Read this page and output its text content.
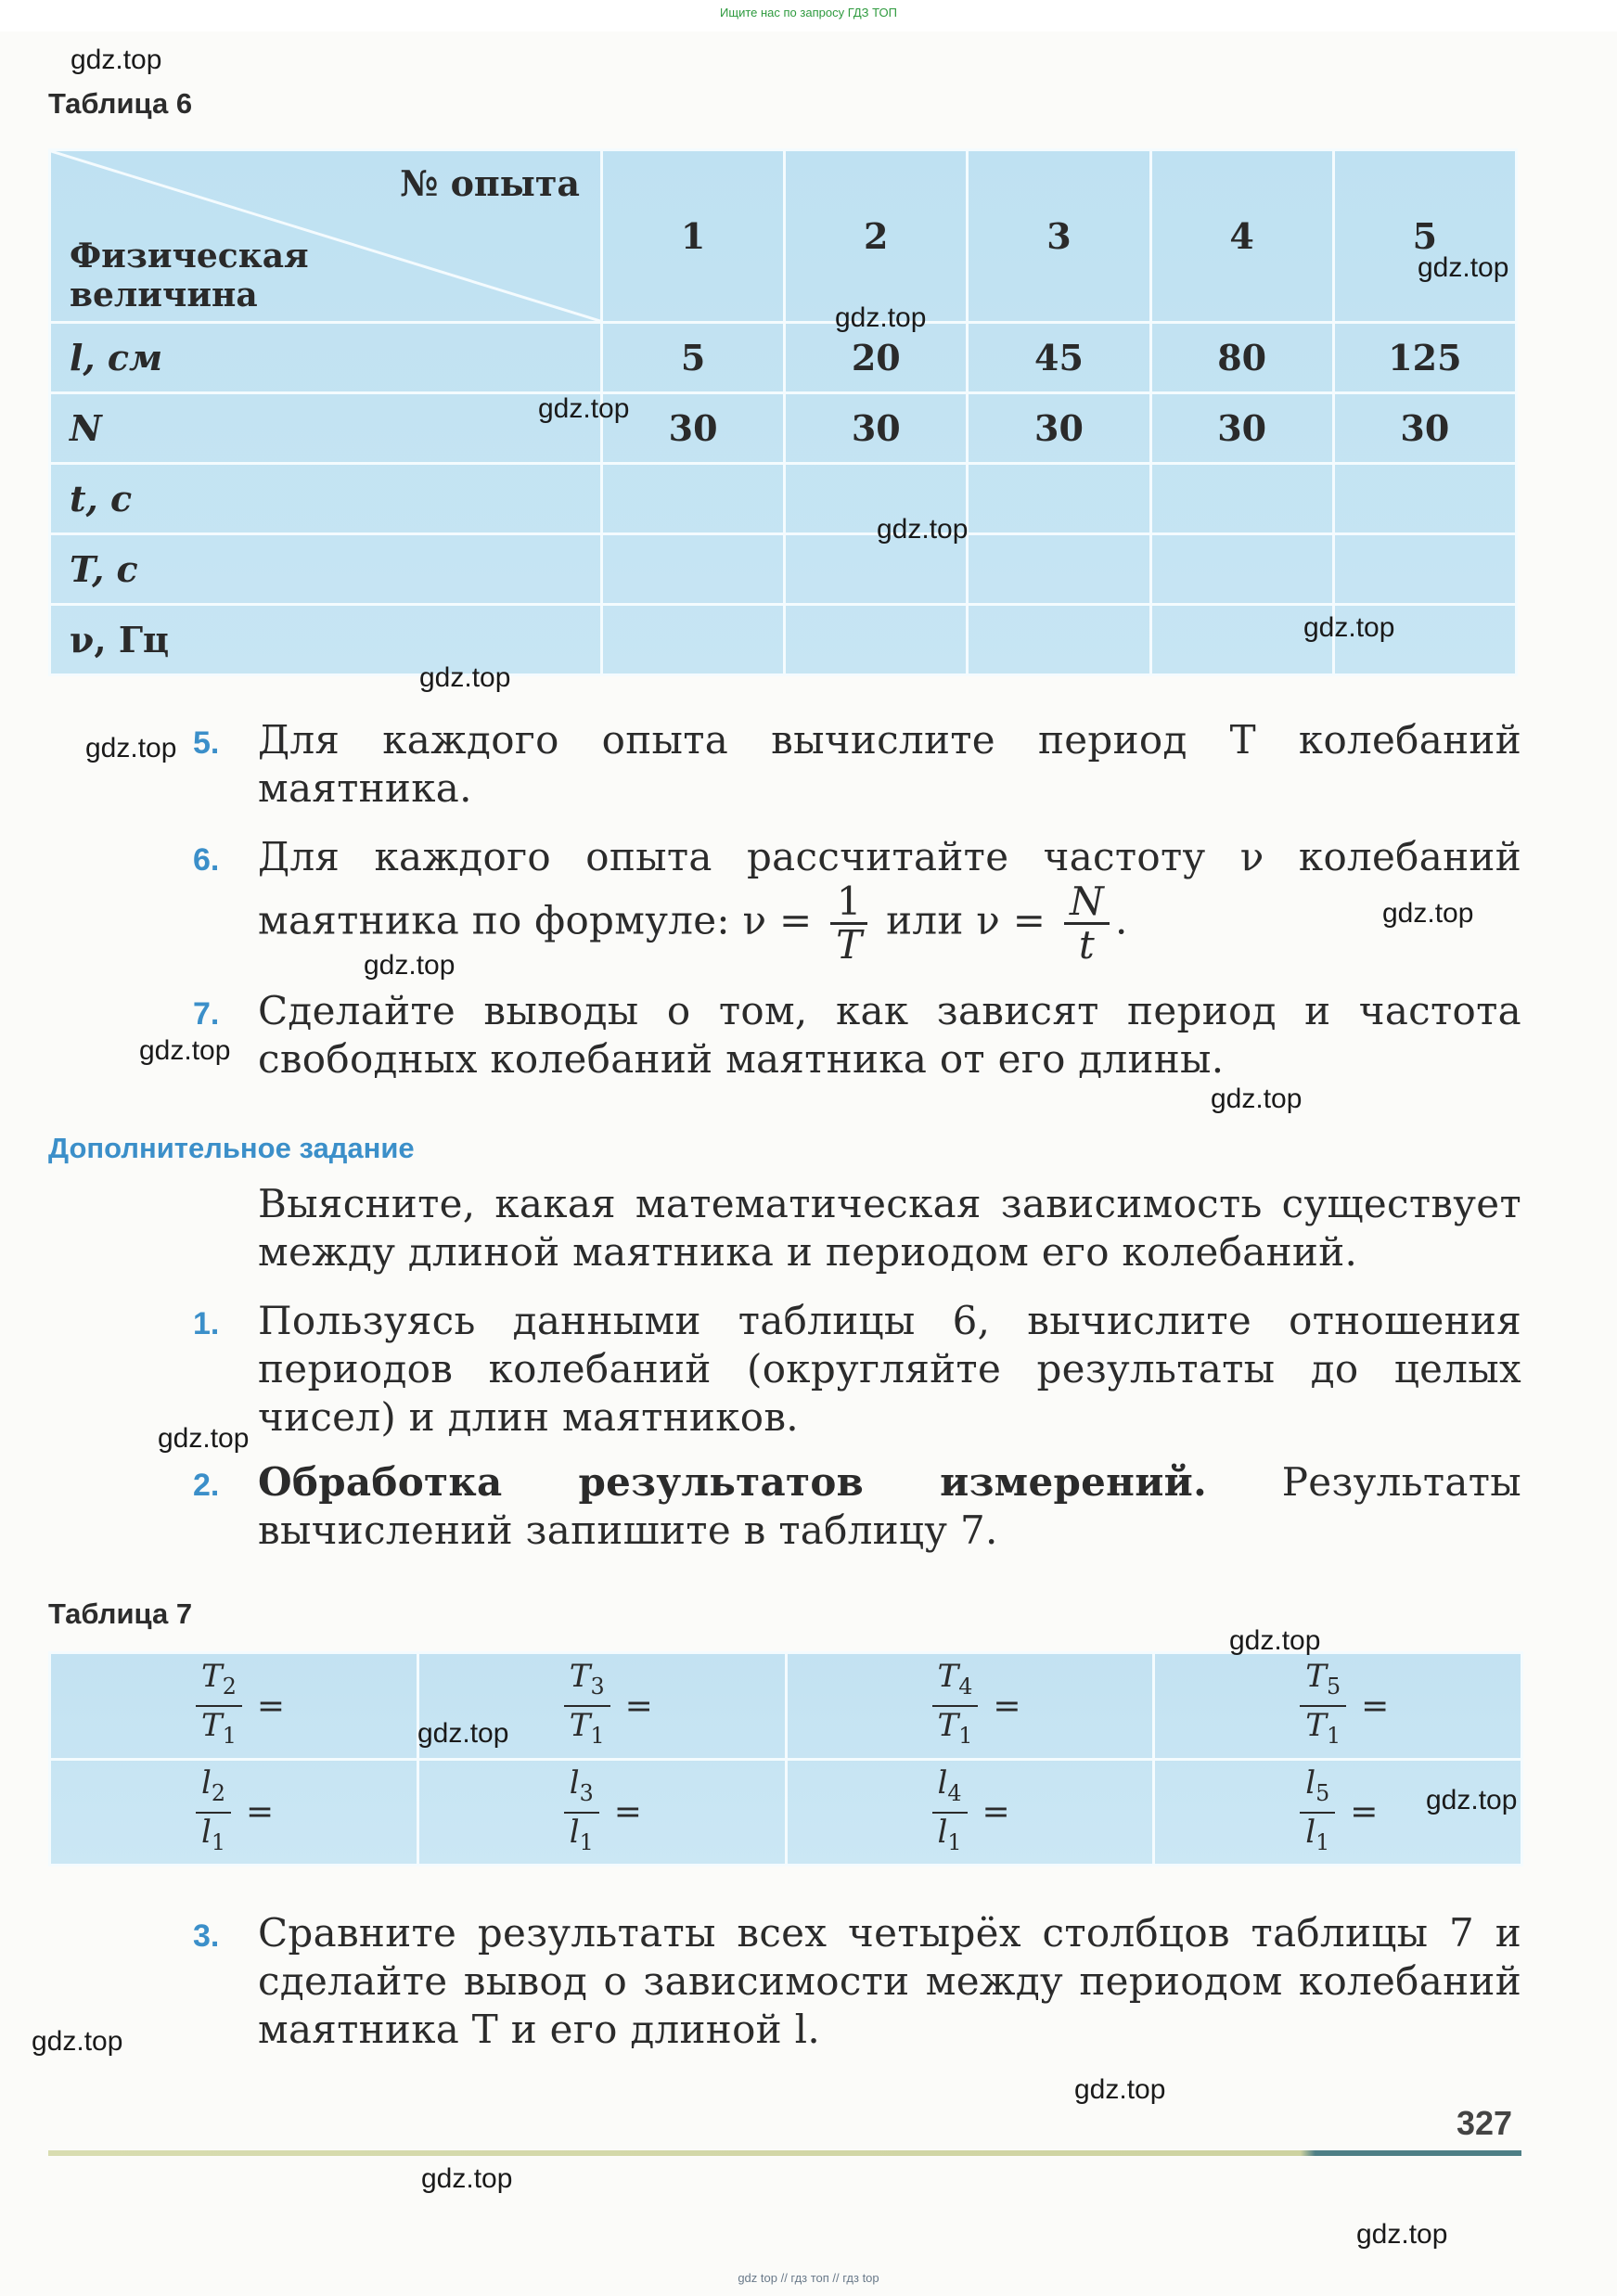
Ищите нас по запросу ГДЗ ТОП
Таблица 6
№ опыта
Физическая величина	1	2	3	4	5
l, см	5	20	45	80	125
N	30	30	30	30	30
t, c					
T, c					
ν, Гц					
5. Для каждого опыта вычислите период T колебаний маятника.
6. Для каждого опыта рассчитайте частоту ν колебаний маятника по формуле: $\nu = \frac{1}{T}$ или $\nu = \frac{N}{t}$ .
7. Сделайте выводы о том, как зависят период и частота свободных колебаний маятника от его длины.
Дополнительное задание
Выясните, какая математическая зависимость существует между длиной маятника и периодом его колебаний.
1. Пользуясь данными таблицы 6, вычислите отношения периодов колебаний (округляйте результаты до целых чисел) и длин маятников.
2. Обработка результатов измерений. Результаты вычислений запишите в таблицу 7.
Таблица 7
$\frac{T_2}{T_1}$ =	$\frac{T_3}{T_1}$ =	$\frac{T_4}{T_1}$ =	$\frac{T_5}{T_1}$ =

$\frac{l_2}{l_1}$ =	$\frac{l_3}{l_1}$ =	$\frac{l_4}{l_1}$ =	$\frac{l_5}{l_1}$ =
3. Сравните результаты всех четырёх столбцов таблицы 7 и сделайте вывод о зависимости между периодом колебаний маятника T и его длиной l.
327
gdz top // гдз топ // гдз top
gdz.top
gdz.top
gdz.top
gdz.top
gdz.top
gdz.top
gdz.top
gdz.top
gdz.top
gdz.top
gdz.top
gdz.top
gdz.top
gdz.top
gdz.top
gdz.top
gdz.top
gdz.top
gdz.top
gdz.top
